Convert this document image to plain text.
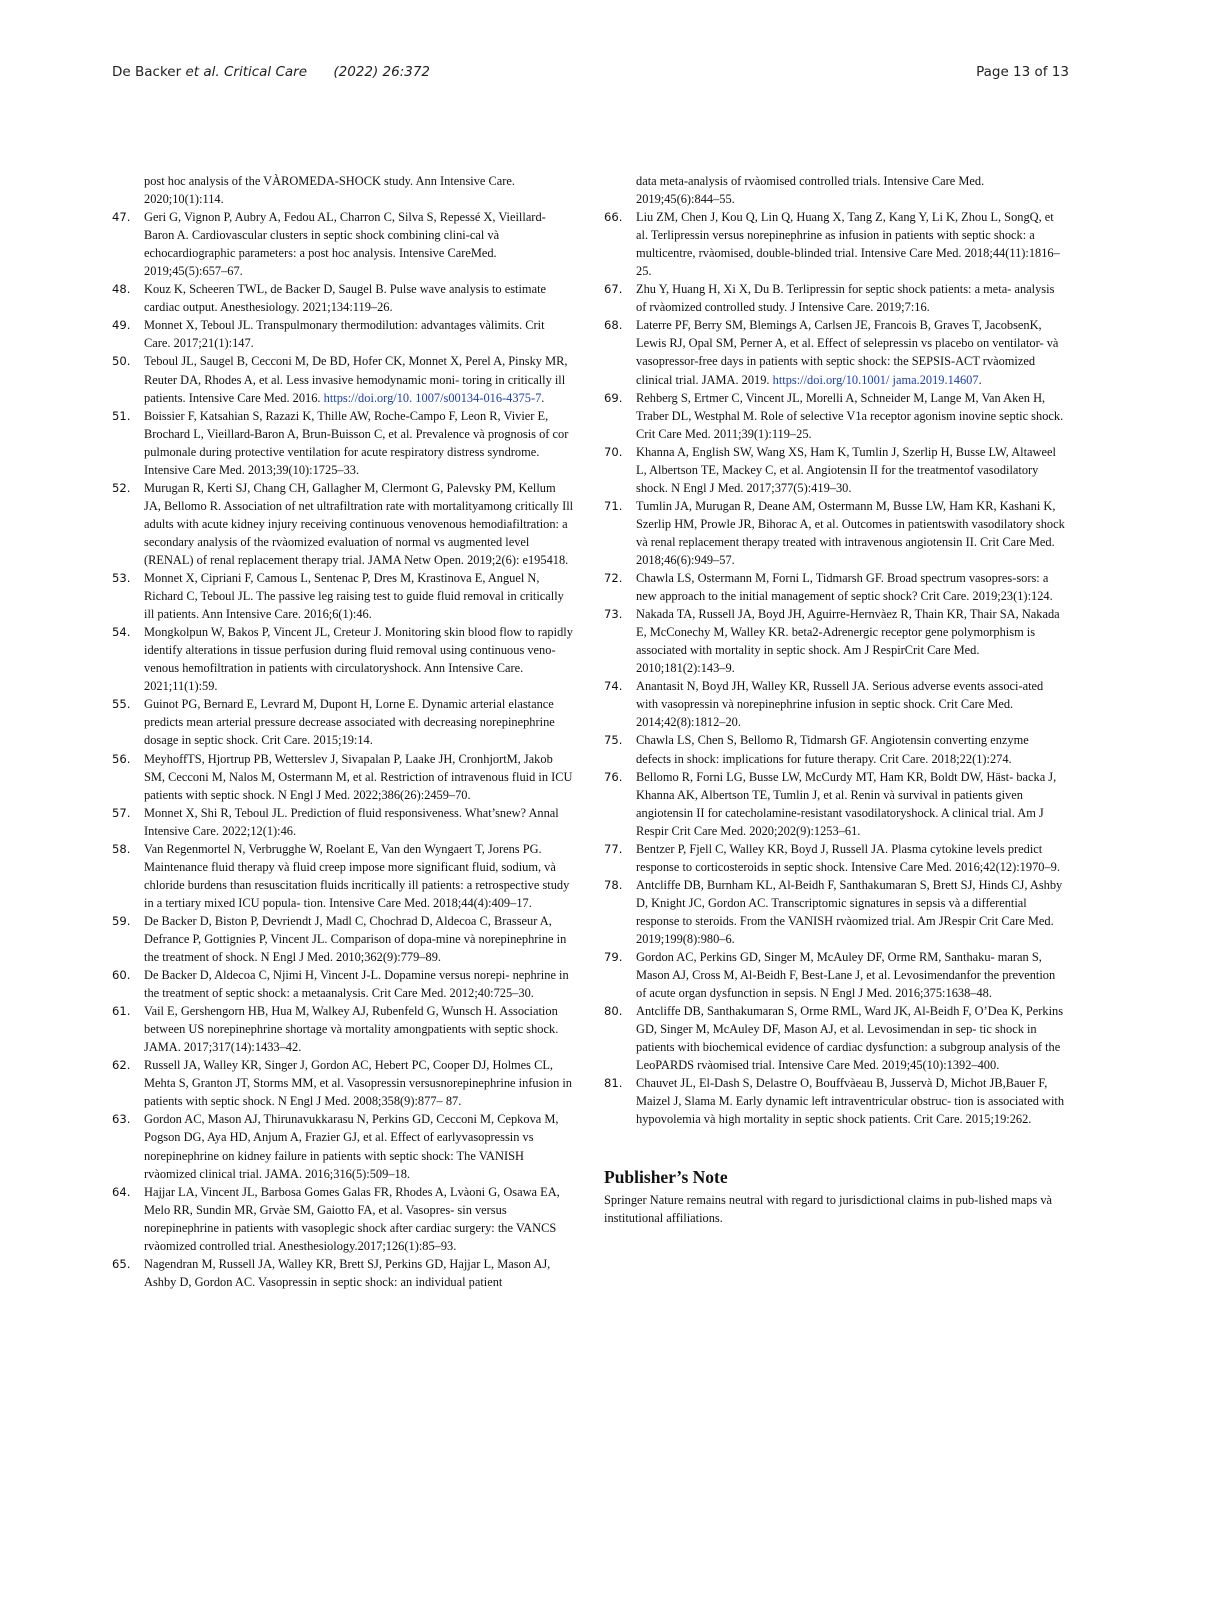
De Backer et al. Critical Care (2022) 26:372	Page 13 of 13
post hoc analysis of the VÀROMEDA-SHOCK study. Ann Intensive Care. 2020;10(1):114.
47.	Geri G, Vignon P, Aubry A, Fedou AL, Charron C, Silva S, Repessé X, Vieillard-Baron A. Cardiovascular clusters in septic shock combining clini-cal và echocardiographic parameters: a post hoc analysis. Intensive CareMed. 2019;45(5):657–67.
48.	Kouz K, Scheeren TWL, de Backer D, Saugel B. Pulse wave analysis to estimate cardiac output. Anesthesiology. 2021;134:119–26.
49.	Monnet X, Teboul JL. Transpulmonary thermodilution: advantages vàlimits. Crit Care. 2017;21(1):147.
50.	Teboul JL, Saugel B, Cecconi M, De BD, Hofer CK, Monnet X, Perel A, Pinsky MR, Reuter DA, Rhodes A, et al. Less invasive hemodynamic moni- toring in critically ill patients. Intensive Care Med. 2016. https://doi.org/10. 1007/s00134-016-4375-7.
51.	Boissier F, Katsahian S, Razazi K, Thille AW, Roche-Campo F, Leon R, Vivier E, Brochard L, Vieillard-Baron A, Brun-Buisson C, et al. Prevalence và prognosis of cor pulmonale during protective ventilation for acute respiratory distress syndrome. Intensive Care Med. 2013;39(10):1725–33.
52.	Murugan R, Kerti SJ, Chang CH, Gallagher M, Clermont G, Palevsky PM, Kellum JA, Bellomo R. Association of net ultrafiltration rate with mortalityamong critically Ill adults with acute kidney injury receiving continuous venovenous hemodiafiltration: a secondary analysis of the rvàomized evaluation of normal vs augmented level (RENAL) of renal replacement therapy trial. JAMA Netw Open. 2019;2(6): e195418.
53.	Monnet X, Cipriani F, Camous L, Sentenac P, Dres M, Krastinova E, Anguel N, Richard C, Teboul JL. The passive leg raising test to guide fluid removal in critically ill patients. Ann Intensive Care. 2016;6(1):46.
54.	Mongkolpun W, Bakos P, Vincent JL, Creteur J. Monitoring skin blood flow to rapidly identify alterations in tissue perfusion during fluid removal using continuous veno-venous hemofiltration in patients with circulatoryshock. Ann Intensive Care. 2021;11(1):59.
55.	Guinot PG, Bernard E, Levrard M, Dupont H, Lorne E. Dynamic arterial elastance predicts mean arterial pressure decrease associated with decreasing norepinephrine dosage in septic shock. Crit Care. 2015;19:14.
56.	MeyhoffTS, Hjortrup PB, Wetterslev J, Sivapalan P, Laake JH, CronhjortM, Jakob SM, Cecconi M, Nalos M, Ostermann M, et al. Restriction of intravenous fluid in ICU patients with septic shock. N Engl J Med. 2022;386(26):2459–70.
57.	Monnet X, Shi R, Teboul JL. Prediction of fluid responsiveness. What’snew? Annal Intensive Care. 2022;12(1):46.
58.	Van Regenmortel N, Verbrugghe W, Roelant E, Van den Wyngaert T, Jorens PG. Maintenance fluid therapy và fluid creep impose more significant fluid, sodium, và chloride burdens than resuscitation fluids incritically ill patients: a retrospective study in a tertiary mixed ICU popula- tion. Intensive Care Med. 2018;44(4):409–17.
59.	De Backer D, Biston P, Devriendt J, Madl C, Chochrad D, Aldecoa C, Brasseur A, Defrance P, Gottignies P, Vincent JL. Comparison of dopa-mine và norepinephrine in the treatment of shock. N Engl J Med. 2010;362(9):779–89.
60.	De Backer D, Aldecoa C, Njimi H, Vincent J-L. Dopamine versus norepi- nephrine in the treatment of septic shock: a metaanalysis. Crit Care Med. 2012;40:725–30.
61.	Vail E, Gershengorn HB, Hua M, Walkey AJ, Rubenfeld G, Wunsch H. Association between US norepinephrine shortage và mortality amongpatients with septic shock. JAMA. 2017;317(14):1433–42.
62.	Russell JA, Walley KR, Singer J, Gordon AC, Hebert PC, Cooper DJ, Holmes CL, Mehta S, Granton JT, Storms MM, et al. Vasopressin versusnorepinephrine infusion in patients with septic shock. N Engl J Med. 2008;358(9):877– 87.
63.	Gordon AC, Mason AJ, Thirunavukkarasu N, Perkins GD, Cecconi M, Cepkova M, Pogson DG, Aya HD, Anjum A, Frazier GJ, et al. Effect of earlyvasopressin vs norepinephrine on kidney failure in patients with septic shock: The VANISH rvàomized clinical trial. JAMA. 2016;316(5):509–18.
64.	Hajjar LA, Vincent JL, Barbosa Gomes Galas FR, Rhodes A, Lvàoni G, Osawa EA, Melo RR, Sundin MR, Grvàe SM, Gaiotto FA, et al. Vasopres- sin versus norepinephrine in patients with vasoplegic shock after cardiac surgery: the VANCS rvàomized controlled trial. Anesthesiology.2017;126(1):85–93.
65.	Nagendran M, Russell JA, Walley KR, Brett SJ, Perkins GD, Hajjar L, Mason AJ, Ashby D, Gordon AC. Vasopressin in septic shock: an individual patient
data meta-analysis of rvàomised controlled trials. Intensive Care Med. 2019;45(6):844–55.
66.	Liu ZM, Chen J, Kou Q, Lin Q, Huang X, Tang Z, Kang Y, Li K, Zhou L, SongQ, et al. Terlipressin versus norepinephrine as infusion in patients with septic shock: a multicentre, rvàomised, double-blinded trial. Intensive Care Med. 2018;44(11):1816–25.
67.	Zhu Y, Huang H, Xi X, Du B. Terlipressin for septic shock patients: a meta- analysis of rvàomized controlled study. J Intensive Care. 2019;7:16.
68.	Laterre PF, Berry SM, Blemings A, Carlsen JE, Francois B, Graves T, JacobsenK, Lewis RJ, Opal SM, Perner A, et al. Effect of selepressin vs placebo on ventilator- và vasopressor-free days in patients with septic shock: the SEPSIS-ACT rvàomized clinical trial. JAMA. 2019. https://doi.org/10.1001/ jama.2019.14607.
69.	Rehberg S, Ertmer C, Vincent JL, Morelli A, Schneider M, Lange M, Van Aken H, Traber DL, Westphal M. Role of selective V1a receptor agonism inovine septic shock. Crit Care Med. 2011;39(1):119–25.
70.	Khanna A, English SW, Wang XS, Ham K, Tumlin J, Szerlip H, Busse LW, Altaweel L, Albertson TE, Mackey C, et al. Angiotensin II for the treatmentof vasodilatory shock. N Engl J Med. 2017;377(5):419–30.
71.	Tumlin JA, Murugan R, Deane AM, Ostermann M, Busse LW, Ham KR, Kashani K, Szerlip HM, Prowle JR, Bihorac A, et al. Outcomes in patientswith vasodilatory shock và renal replacement therapy treated with intravenous angiotensin II. Crit Care Med. 2018;46(6):949–57.
72.	Chawla LS, Ostermann M, Forni L, Tidmarsh GF. Broad spectrum vasopres-sors: a new approach to the initial management of septic shock? Crit Care. 2019;23(1):124.
73.	Nakada TA, Russell JA, Boyd JH, Aguirre-Hernvàez R, Thain KR, Thair SA, Nakada E, McConechy M, Walley KR. beta2-Adrenergic receptor gene polymorphism is associated with mortality in septic shock. Am J RespirCrit Care Med. 2010;181(2):143–9.
74.	Anantasit N, Boyd JH, Walley KR, Russell JA. Serious adverse events associ-ated with vasopressin và norepinephrine infusion in septic shock. Crit Care Med. 2014;42(8):1812–20.
75.	Chawla LS, Chen S, Bellomo R, Tidmarsh GF. Angiotensin converting enzyme defects in shock: implications for future therapy. Crit Care. 2018;22(1):274.
76.	Bellomo R, Forni LG, Busse LW, McCurdy MT, Ham KR, Boldt DW, Häst- backa J, Khanna AK, Albertson TE, Tumlin J, et al. Renin và survival in patients given angiotensin II for catecholamine-resistant vasodilatoryshock. A clinical trial. Am J Respir Crit Care Med. 2020;202(9):1253–61.
77.	Bentzer P, Fjell C, Walley KR, Boyd J, Russell JA. Plasma cytokine levels predict response to corticosteroids in septic shock. Intensive Care Med. 2016;42(12):1970–9.
78.	Antcliffe DB, Burnham KL, Al-Beidh F, Santhakumaran S, Brett SJ, Hinds CJ, Ashby D, Knight JC, Gordon AC. Transcriptomic signatures in sepsis và a differential response to steroids. From the VANISH rvàomized trial. Am JRespir Crit Care Med. 2019;199(8):980–6.
79.	Gordon AC, Perkins GD, Singer M, McAuley DF, Orme RM, Santhaku- maran S, Mason AJ, Cross M, Al-Beidh F, Best-Lane J, et al. Levosimendanfor the prevention of acute organ dysfunction in sepsis. N Engl J Med. 2016;375:1638–48.
80.	Antcliffe DB, Santhakumaran S, Orme RML, Ward JK, Al-Beidh F, O’Dea K, Perkins GD, Singer M, McAuley DF, Mason AJ, et al. Levosimendan in sep- tic shock in patients with biochemical evidence of cardiac dysfunction: a subgroup analysis of the LeoPARDS rvàomised trial. Intensive Care Med. 2019;45(10):1392–400.
81.	Chauvet JL, El-Dash S, Delastre O, Bouffvàeau B, Jusservà D, Michot JB,Bauer F, Maizel J, Slama M. Early dynamic left intraventricular obstruc- tion is associated with hypovolemia và high mortality in septic shock patients. Crit Care. 2015;19:262.
Publisher’s Note
Springer Nature remains neutral with regard to jurisdictional claims in pub-lished maps và institutional affiliations.
